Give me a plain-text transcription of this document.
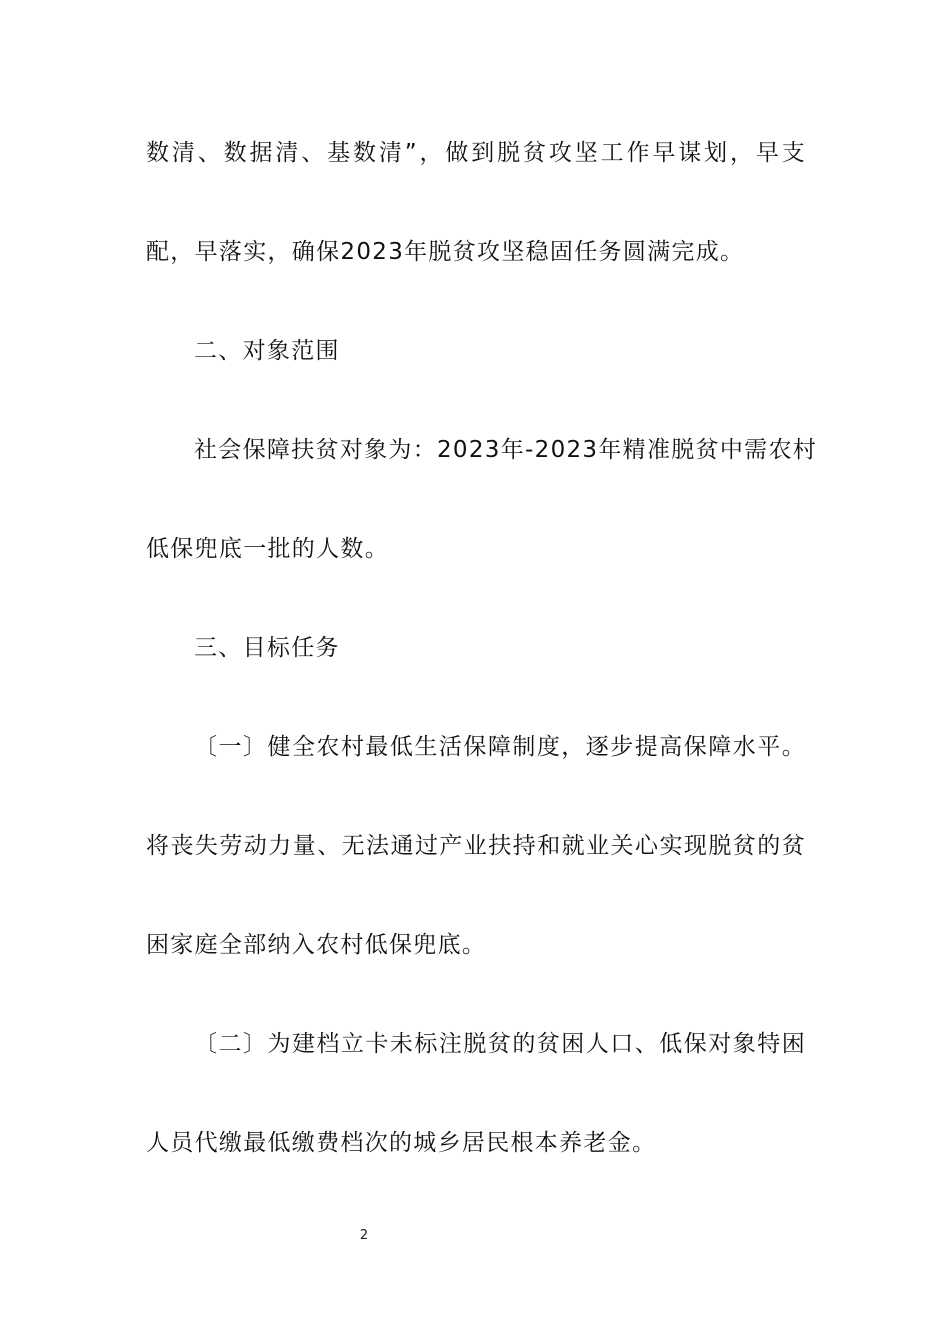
数清、数据清、基数清”，做到脱贫攻坚工作早谋划，早支
配，早落实，确保2023年脱贫攻坚稳固任务圆满完成。
二、对象范围
社会保障扶贫对象为：2023年-2023年精准脱贫中需农村
低保兜底一批的人数。
三、目标任务
〔一〕健全农村最低生活保障制度，逐步提高保障水平。
将丧失劳动力量、无法通过产业扶持和就业关心实现脱贫的贫
困家庭全部纳入农村低保兜底。
〔二〕为建档立卡未标注脱贫的贫困人口、低保对象特困
人员代缴最低缴费档次的城乡居民根本养老金。
2
